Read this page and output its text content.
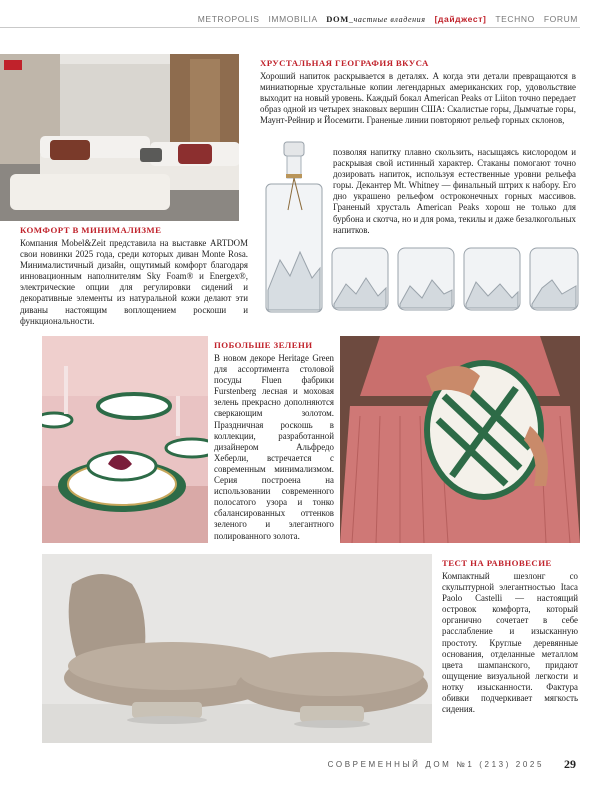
METROPOLIS IMMOBILIA DOM_частные владения [дайджест] TECHNO FORUM
ХРУСТАЛЬНАЯ ГЕОГРАФИЯ ВКУСА

Хороший напиток раскрывается в деталях. А когда эти детали превращаются в миниатюрные хрустальные копии легендарных американских гор, удовольствие выходит на новый уровень. Каждый бокал American Peaks от Liiton точно передает образ одной из четырех знаковых вершин США: Скалистые горы, Дымчатые горы, Маунт-Рейнир и Йосемити. Граненые линии повторяют рельеф горных склонов,

позволяя напитку плавно скользить, насыщаясь кислородом и раскрывая свой истинный характер. Стаканы помогают точно дозировать напиток, используя естественные уровни рельефа горы. Декантер Mt. Whitney — финальный штрих к набору. Его дно украшено рельефом остроконечных горных массивов. Граненый хрусталь American Peaks хорош не только для бурбона и скотча, но и для рома, текилы и даже безалкогольных напитков.

КОМФОРТ В МИНИМАЛИЗМЕ

Компания Mobel&Zeit представила на выставке ARTDOM свои новинки 2025 года, среди которых диван Monte Rosa. Минималистичный дизайн, ощутимый комфорт благодаря инновационным наполнителям Sky Foam® и Energex®, электрические опции для регулировки сидений и декоративные элементы из натуральной кожи делают эти диваны настоящим воплощением роскоши и функциональности.

ПОБОЛЬШЕ ЗЕЛЕНИ

В новом декоре Heritage Green для ассортимента столовой посуды Fluen фабрики Furstenberg лесная и моховая зелень прекрасно дополняются сверкающим золотом. Праздничная роскошь в коллекции, разработанной дизайнером Альфредо Хеберли, встречается с современным минимализмом. Серия построена на использовании современного полосатого узора и тонко сбалансированных оттенков зеленого и элегантного полированного золота.

ТЕСТ НА РАВНОВЕСИЕ

Компактный шезлонг со скульптурной элегантностью Itaca Paolo Castelli — настоящий островок комфорта, который органично сочетает в себе расслабление и изысканную простоту. Круглые деревянные основания, отделанные металлом цвета шампанского, придают ощущение визуальной легкости и нотку изысканности. Фактура обивки подчеркивает мягкость сидения.

СОВРЕМЕННЫЙ ДОМ №1 (213) 2025 29
